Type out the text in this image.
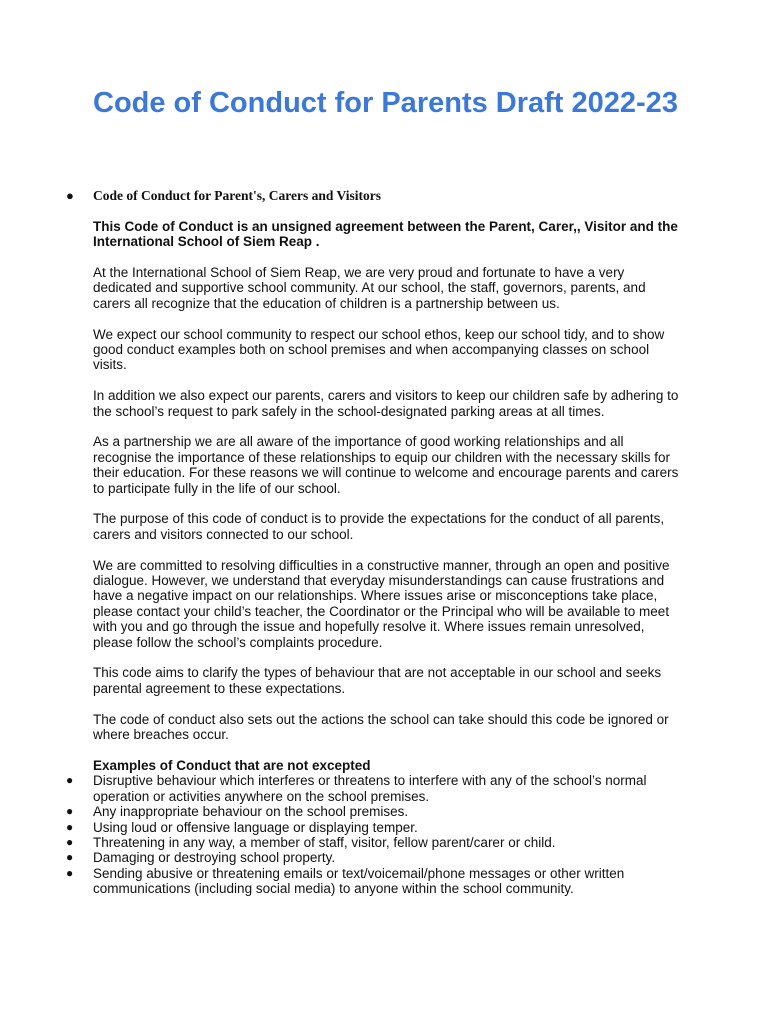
Code of Conduct for Parents Draft 2022-23
● Code of Conduct for Parent's, Carers and Visitors

This Code of Conduct is an unsigned agreement between the Parent, Carer,, Visitor and the International School of Siem Reap .

At the International School of Siem Reap, we are very proud and fortunate to have a very dedicated and supportive school community. At our school, the staff, governors, parents, and carers all recognize that the education of children is a partnership between us.

We expect our school community to respect our school ethos, keep our school tidy, and to show good conduct examples both on school premises and when accompanying classes on school visits.

In addition we also expect our parents, carers and visitors to keep our children safe by adhering to the school’s request to park safely in the school-designated parking areas at all times.

As a partnership we are all aware of the importance of good working relationships and all recognise the importance of these relationships to equip our children with the necessary skills for their education. For these reasons we will continue to welcome and encourage parents and carers to participate fully in the life of our school.

The purpose of this code of conduct is to provide the expectations for the conduct of all parents, carers and visitors connected to our school.

We are committed to resolving difficulties in a constructive manner, through an open and positive dialogue. However, we understand that everyday misunderstandings can cause frustrations and have a negative impact on our relationships. Where issues arise or misconceptions take place, please contact your child’s teacher, the Coordinator or the Principal who will be available to meet with you and go through the issue and hopefully resolve it. Where issues remain unresolved, please follow the school’s complaints procedure.

This code aims to clarify the types of behaviour that are not acceptable in our school and seeks parental agreement to these expectations.

The code of conduct also sets out the actions the school can take should this code be ignored or where breaches occur.

Examples of Conduct that are not excepted
● Disruptive behaviour which interferes or threatens to interfere with any of the school’s normal operation or activities anywhere on the school premises.
● Any inappropriate behaviour on the school premises.
● Using loud or offensive language or displaying temper.
● Threatening in any way, a member of staff, visitor, fellow parent/carer or child.
● Damaging or destroying school property.
● Sending abusive or threatening emails or text/voicemail/phone messages or other written communications (including social media) to anyone within the school community.
